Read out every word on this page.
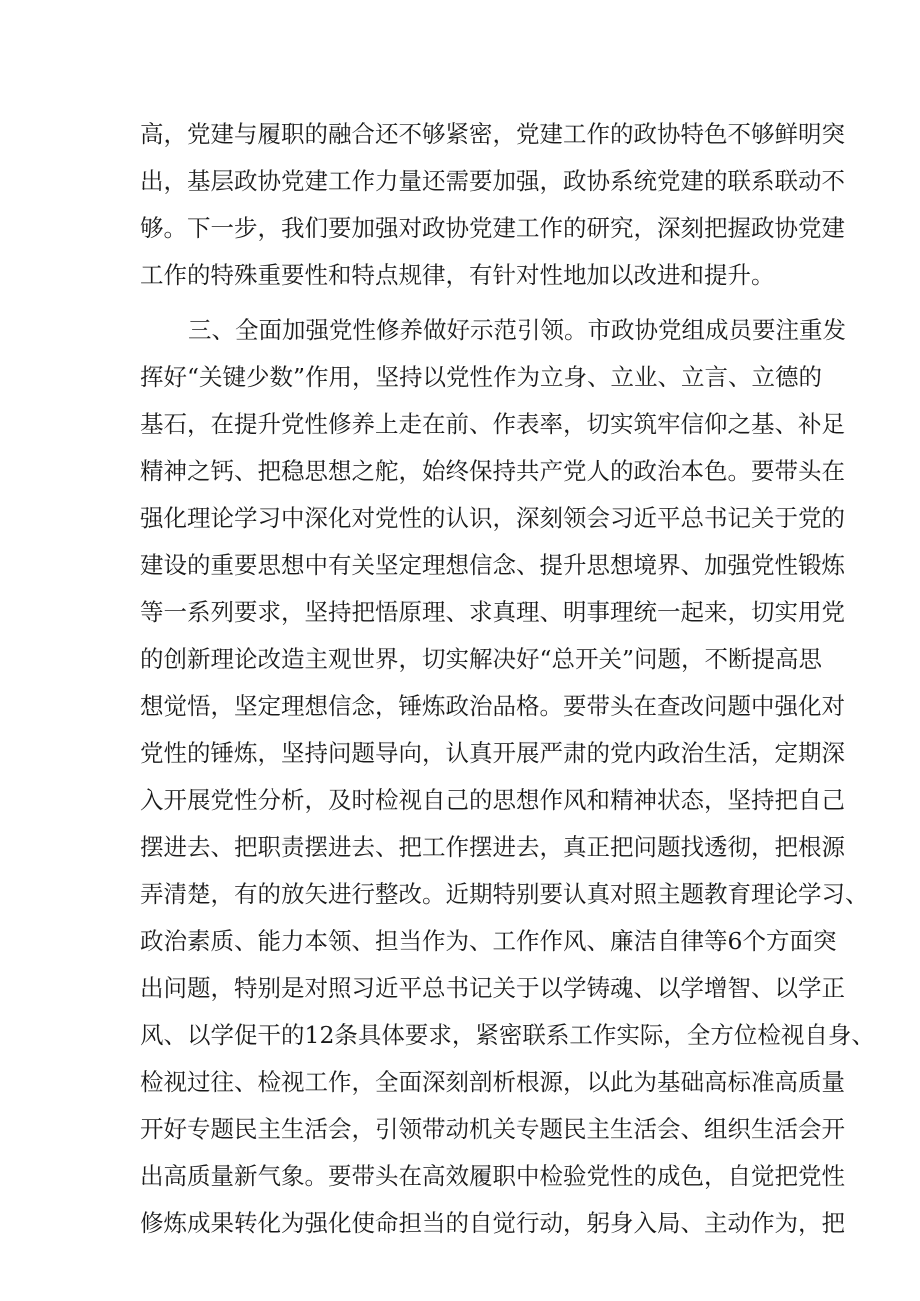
高，党建与履职的融合还不够紧密，党建工作的政协特色不够鲜明突
出，基层政协党建工作力量还需要加强，政协系统党建的联系联动不
够。下一步，我们要加强对政协党建工作的研究，深刻把握政协党建
工作的特殊重要性和特点规律，有针对性地加以改进和提升。
三、全面加强党性修养做好示范引领。市政协党组成员要注重发
挥好“关键少数”作用，坚持以党性作为立身、立业、立言、立德的
基石，在提升党性修养上走在前、作表率，切实筑牢信仰之基、补足
精神之钙、把稳思想之舵，始终保持共产党人的政治本色。要带头在
强化理论学习中深化对党性的认识，深刻领会习近平总书记关于党的
建设的重要思想中有关坚定理想信念、提升思想境界、加强党性锻炼
等一系列要求，坚持把悟原理、求真理、明事理统一起来，切实用党
的创新理论改造主观世界，切实解决好“总开关”问题，不断提高思
想觉悟，坚定理想信念，锤炼政治品格。要带头在查改问题中强化对
党性的锤炼，坚持问题导向，认真开展严肃的党内政治生活，定期深
入开展党性分析，及时检视自己的思想作风和精神状态，坚持把自己
摆进去、把职责摆进去、把工作摆进去，真正把问题找透彻，把根源
弄清楚，有的放矢进行整改。近期特别要认真对照主题教育理论学习、
政治素质、能力本领、担当作为、工作作风、廉洁自律等6个方面突
出问题，特别是对照习近平总书记关于以学铸魂、以学增智、以学正
风、以学促干的12条具体要求，紧密联系工作实际，全方位检视自身、
检视过往、检视工作，全面深刻剖析根源，以此为基础高标准高质量
开好专题民主生活会，引领带动机关专题民主生活会、组织生活会开
出高质量新气象。要带头在高效履职中检验党性的成色，自觉把党性
修炼成果转化为强化使命担当的自觉行动，躬身入局、主动作为，把
